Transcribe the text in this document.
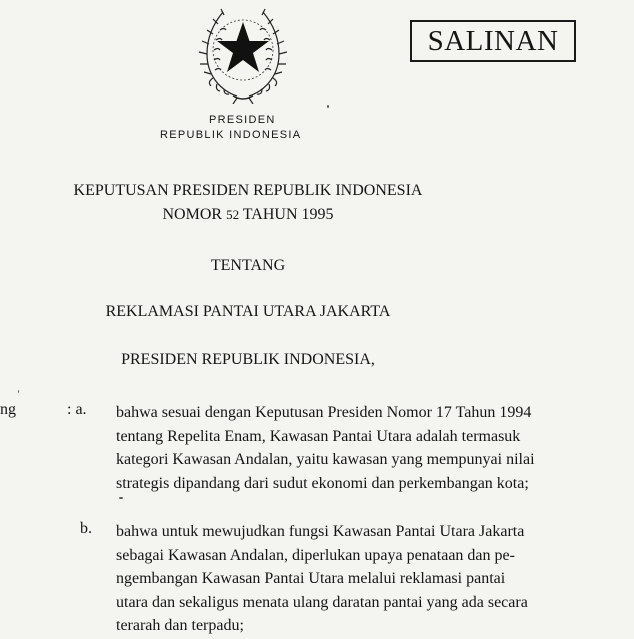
SALINAN
PRESIDEN
REPUBLIK INDONESIA
KEPUTUSAN PRESIDEN REPUBLIK INDONESIA
NOMOR 52 TAHUN 1995
TENTANG
REKLAMASI PANTAI UTARA JAKARTA
PRESIDEN REPUBLIK INDONESIA,
ng	: a. bahwa sesuai dengan Keputusan Presiden Nomor 17 Tahun 1994
tentang Repelita Enam, Kawasan Pantai Utara adalah termasuk
kategori Kawasan Andalan, yaitu kawasan yang mempunyai nilai
strategis dipandang dari sudut ekonomi dan perkembangan kota;
b. bahwa untuk mewujudkan fungsi Kawasan Pantai Utara Jakarta
sebagai Kawasan Andalan, diperlukan upaya penataan dan pe-
ngembangan Kawasan Pantai Utara melalui reklamasi pantai
utara dan sekaligus menata ulang daratan pantai yang ada secara
terarah dan terpadu;
